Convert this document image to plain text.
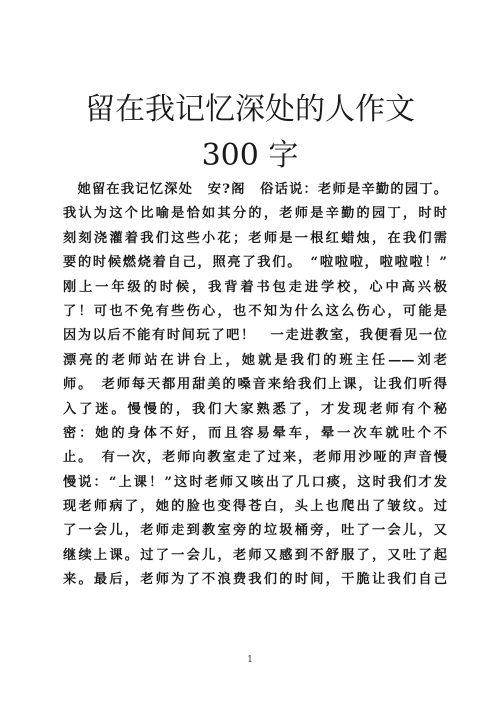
留在我记忆深处的人作文
300 字
　她留在我记忆深处　安?阁　俗话说：老师是辛勤的园丁。
我认为这个比喻是恰如其分的，老师是辛勤的园丁，时时
刻刻浇灌着我们这些小花；老师是一根红蜡烛，在我们需
要的时候燃烧着自己，照亮了我们。　“啦啦啦，啦啦啦！”
刚上一年级的时候，我背着书包走进学校，心中高兴极
了！可也不免有些伤心，也不知为什么这么伤心，可能是
因为以后不能有时间玩了吧！　一走进教室，我便看见一位
漂亮的老师站在讲台上，她就是我们的班主任——刘老
师。　老师每天都用甜美的嗓音来给我们上课，让我们听得
入了迷。慢慢的，我们大家熟悉了，才发现老师有个秘
密：她的身体不好，而且容易晕车，晕一次车就吐个不
止。　有一次，老师向教室走了过来，老师用沙哑的声音慢
慢说：“上课！”这时老师又咳出了几口痰，这时我们才发
现老师病了，她的脸也变得苍白，头上也爬出了皱纹。过
了一会儿，老师走到教室旁的垃圾桶旁，吐了一会儿，又
继续上课。过了一会儿，老师又感到不舒服了，又吐了起
来。最后，老师为了不浪费我们的时间，干脆让我们自己
1
